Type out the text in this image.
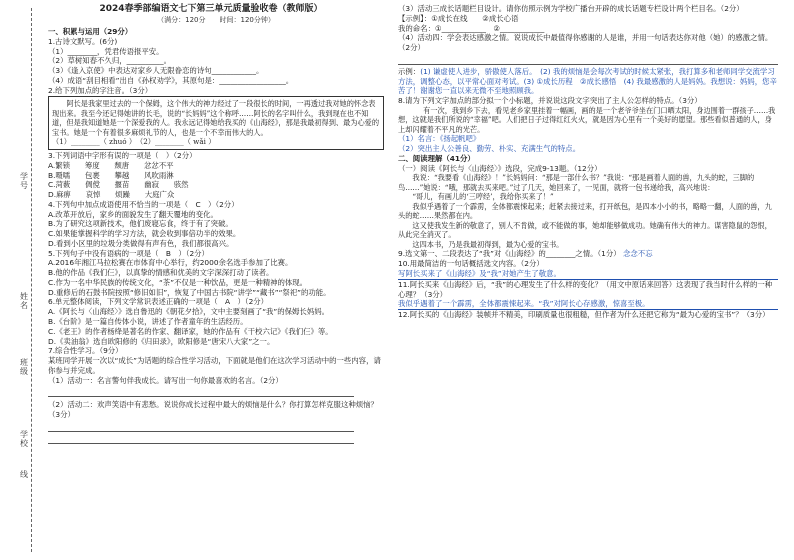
学号
姓名
班级
学校
线

2024春季部编语文七下第三单元质量验收卷（教师版）

（满分：120分　　时间：120分钟）

一、积累与运用（29分）

1.古诗文默写。(6分)

（1）________，凭君传语报平安。

（2）草树知春不久归，__________。

（3）《逢入京使》中表达对家乡人无限眷恋的诗句____________。

（4）成语“刮目相看”出自《孙权劝学》，其原句是：__________________。

2.给下列加点的字注音。（3分）

　　阿长是我家里过去的一个保姆，这个伟大的神力经过了一段很长的时间，一再透过我对她的怀念表现出来。我至今还记得她讲的长毛，说的“长妈妈”这个称呼……阿长的名字叫什么，我到现在也不知道，但是我知道她是一个深爱我的人。我永远记得她给我买的《山海经》，那是我最初得到、最为心爱的宝书。她是一个有着很多麻烦礼节的人，也是一个不幸而伟大的人。

（1）________（ zhuó ）　（2）________（ wǎi ）

3.下列词语中字形有误的一项是（　）（2分）

A.繁锁　　筹度　　颓唐　　忿忿不平

B.嗫嚅　　包裹　　攀越　　风吹雨淋

C.菏薮　　倜傥　　揠苗　　幽寂　　骇然

D.麻痹　　哀悼　　烦躁　　大庭广众

4.下列句中加点成语使用不恰当的一项是（　C　）（2分）

A.改革开放后，家乡的面貌发生了翻天覆地的变化。

B.为了研究这项新技术，他们废寝忘食，终于有了突破。

C.如果能掌握科学的学习方法，就会收到事倍功半的效果。

D.看到小区里的垃圾分类做得有声有色，我们都很高兴。

5.下列句子中没有语病的一项是（　B　）（2分）

A.2016年湘江马拉松赛在市体育中心举行，约2000余名选手参加了比赛。

B.他的作品《我们仨》，以真挚的情感和优美的文字深深打动了读者。

C.作为一名中华民族的传统文化，“茶”不仅是一种饮品，更是一种精神的体现。

D.重修后的石鼓书院按照“修旧如旧”，恢复了中国古书院“讲学”“藏书”“祭祀”的功能。

6.单元整体阅读，下列文学常识表述正确的一项是（　A　）（2分）

A.《阿长与〈山海经〉》选自鲁迅的《朝花夕拾》，文中主要刻画了“我”的保姆长妈妈。

B.《台阶》是一篇自传体小说，讲述了作者童年的生活经历。

C.《老王》的作者杨绛是著名的作家、翻译家，她的作品有《干校六记》《我们仨》等。

D.《卖油翁》选自欧阳修的《归田录》，欧阳修是“唐宋八大家”之一。

7.综合性学习。（9分）

某班同学开展一次以“成长”为话题的综合性学习活动，下面就是他们在这次学习活动中的一些内容，请你参与并完成。

（1）活动一：名言警句伴我成长。请写出一句你最喜欢的名言。（2分）

（2）活动二：欢声笑语中有悲愁。说说你成长过程中最大的烦恼是什么？你打算怎样克服这种烦恼？（3分）

（3）活动三成长话题栏目设计。请你仿照示例为学校广播台开辟的成长话题专栏设计两个栏目名。（2分）

【示例】：①成长在线　　②成长心语

我的命名：①____________　②____________

（4）活动四：学会表达感激之情。说说成长中最值得你感谢的人是谁，并用一句话表达你对他（她）的感激之情。（2分）

示例：(1) 谦虚使人进步，骄傲使人落后。　(2) 我的烦恼是会每次考试的时候太紧张，我打算多和老师同学交流学习方法，调整心态，以平常心面对考试。(3) ①成长历程　②成长感悟　(4) 我最感激的人是妈妈。我想说：妈妈，您辛苦了！谢谢您一直以来无微不至地照顾我。

8.请为下列文字加点的部分拟一个小标题，并说说这段文字突出了主人公怎样的特点。（3分）

　　有一次，我到乡下去，看见老乡家里挂着一幅画，画的是一个老爷爷坐在门口晒太阳，身边围着一群孩子……我想，这就是我们所说的“幸福”吧。人们把日子过得红红火火，就是因为心里有一个美好的愿望。那些看似普通的人，身上却闪耀着不平凡的光芒。

（1）名言：《扬起帆吧》

（2）突出主人公善良、勤劳、朴实、充满生气的特点。

二、阅读理解（41分）

（一）阅读《阿长与〈山海经〉》选段，完成9-13题。（12分）

　　我说：“我要看《山海经》！”长妈妈问：“那是一部什么书？”我说：“那是画着人面的兽，九头的蛇，三脚的鸟……”她说：“哦，那就去买来吧。”过了几天，她回来了，一见面，就将一包书递给我，高兴地说：

　　“哥儿，有画儿的‘三哼经’，我给你买来了！”

　　我似乎遇着了一个霹雳，全体都震悚起来；赶紧去接过来，打开纸包，是四本小小的书，略略一翻，人面的兽，九头的蛇……果然都在内。

　　这又使我发生新的敬意了，别人不肯做，或不能做的事，她却能够做成功。她确有伟大的神力。谋害隐鼠的怨恨，从此完全消灭了。

　　这四本书，乃是我最初得到，最为心爱的宝书。

9.选文第一、二段表达了“我”对《山海经》的________之情。（1分） 念念不忘

10.用最简洁的一句话概括选文内容。（2分）

写阿长买来了《山海经》及“我”对她产生了敬意。

11.阿长买来《山海经》后，“我”的心理发生了什么样的变化？（用文中原话来回答）这表现了我当时什么样的一种心理？（3分）

我似乎遇着了一个霹雳，全体都震悚起来。“我”对阿长心存感激，惊喜至极。

12.阿长买的《山海经》装帧并不精美，印刷质量也很粗糙，但作者为什么还把它称为“最为心爱的宝书”？（3分）
